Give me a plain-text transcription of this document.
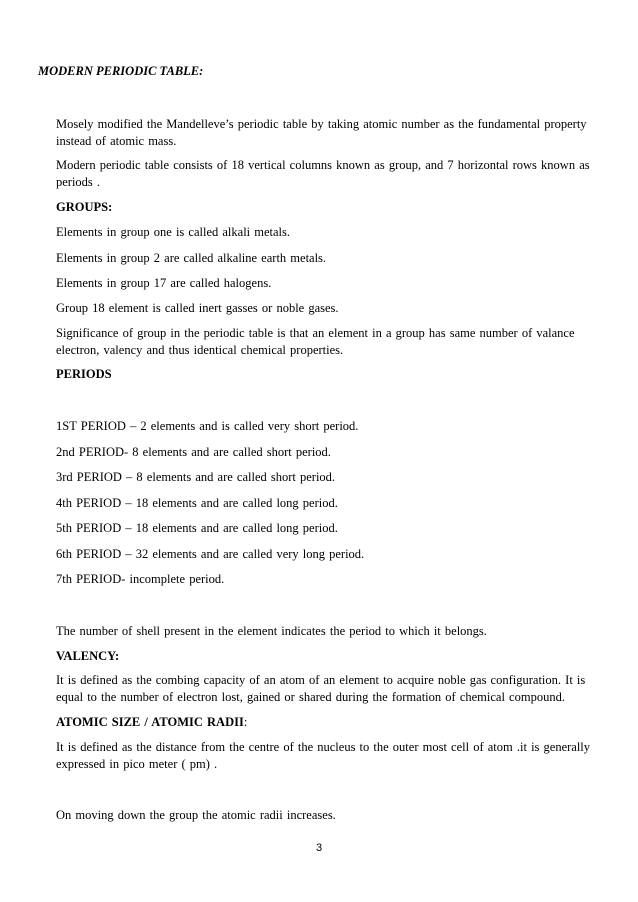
MODERN PERIODIC TABLE:
Mosely modified the Mandelleve’s periodic table by taking atomic number as the fundamental property
instead of atomic mass.
Modern periodic table consists of 18 vertical columns known as group, and 7 horizontal rows known as
periods .
GROUPS:
Elements in group one is called alkali metals.
Elements in group 2 are called alkaline earth metals.
Elements in group 17 are called halogens.
Group 18 element is called inert gasses or noble gases.
Significance of group in the periodic table is that an element in a group has same number of valance
electron, valency and thus identical chemical properties.
PERIODS
1ST PERIOD – 2 elements and is called very short period.
2nd PERIOD- 8 elements and are called short period.
3rd PERIOD – 8 elements and are called short period.
4th PERIOD – 18 elements and are called long period.
5th PERIOD – 18 elements and are called long period.
6th PERIOD – 32 elements and are called very long period.
7th PERIOD- incomplete period.
The number of shell present in the element indicates the period to which it belongs.
VALENCY:
It is defined as the combing capacity of an atom of an element to acquire noble gas configuration. It is
equal to the number of electron lost, gained or shared during the formation of chemical compound.
ATOMIC SIZE / ATOMIC RADII:
It is defined as the distance from the centre of the nucleus to the outer most cell of atom .it is generally
expressed in pico meter ( pm) .
On moving down the group the atomic radii increases.
3
